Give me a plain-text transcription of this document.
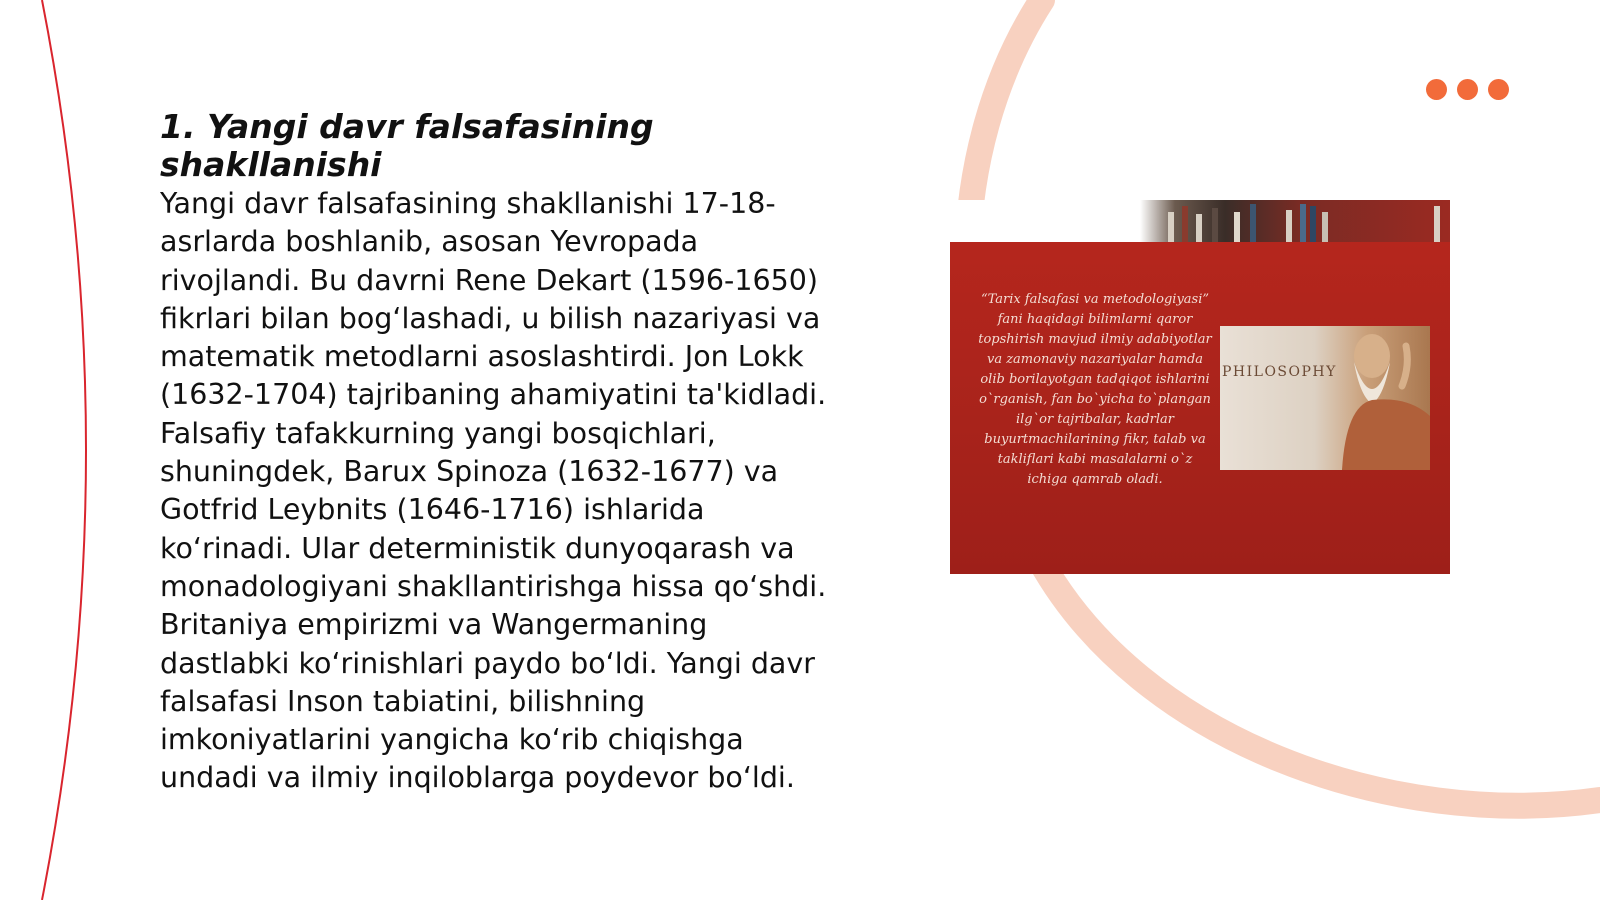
1. Yangi davr falsafasining shakllanishi

Yangi davr falsafasining shakllanishi 17-18-asrlarda boshlanib, asosan Yevropada rivojlandi. Bu davrni Rene Dekart (1596-1650) fikrlari bilan bog‘lashadi, u bilish nazariyasi va matematik metodlarni asoslashtirdi. Jon Lokk (1632-1704) tajribaning ahamiyatini ta'kidladi. Falsafiy tafakkurning yangi bosqichlari, shuningdek, Barux Spinoza (1632-1677) va Gotfrid Leybnits (1646-1716) ishlarida ko‘rinadi. Ular deterministik dunyoqarash va monadologiyani shakllantirishga hissa qo‘shdi. Britaniya empirizmi va Wangermaning dastlabki ko‘rinishlari paydo bo‘ldi. Yangi davr falsafasi Inson tabiatini, bilishning imkoniyatlarini yangicha ko‘rib chiqishga undadi va ilmiy inqiloblarga poydevor bo‘ldi.

“Tarix falsafasi va metodologiyasi” fani haqidagi bilimlarni qaror topshirish mavjud ilmiy adabiyotlar va zamonaviy nazariyalar hamda olib borilayotgan tadqiqot ishlarini o`rganish, fan bo`yicha to`plangan ilg`or tajribalar, kadrlar buyurtmachilarining fikr, talab va takliflari kabi masalalarni o`z ichiga qamrab oladi.

PHILOSOPHY
